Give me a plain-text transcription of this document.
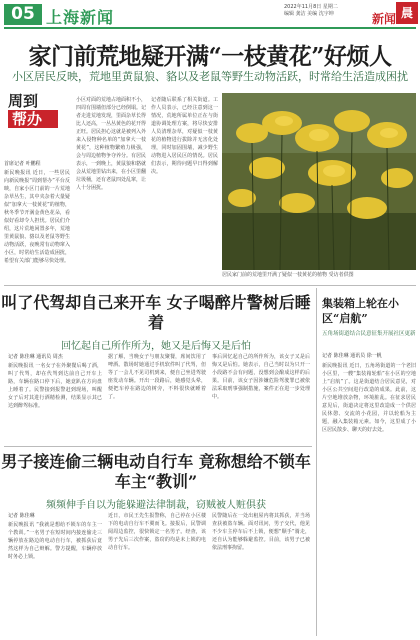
05 上海新闻
2022年11月8日 星期二
编辑 龚洁 美编 沈宇坤	新闻 晨
家门前荒地疑开满“一枝黄花”好烦人
小区居民反映，荒地里黄鼠狼、貉以及老鼠等野生动物活跃，时常给生活造成困扰
周到
帮办
首席记者 叶鹏程
新民晚报讯 近日，一些居民向新民晚报“周到帮办”平台反映，自家小区门前的一片荒地杂草丛生，其中夹杂着大量疑似“加拿大一枝黄花”的植物，秋冬季节开满金黄色花朵，看似好看却令人担忧。居民们介绍，这片荒地闲置多年，荒地里黄鼠狼、貉以及老鼠等野生动物活跃，夜晚常有动物窜入小区，时常给生活造成困扰，希望有关部门能够尽快处理。
小区对面的荒地占地面积不小，四周有围墙但部分已经倒塌。记者走进荒地发现，里面杂草长得比人还高，一丛丛黄色的花开得正旺。居民担心这就是被列入外来入侵物种名单的“加拿大一枝黄花”，这种植物繁殖力极强，会与周边植物争夺养分。有居民表示，一到晚上，黄鼠狼和貉就会从荒地里钻出来，在小区里翻垃圾桶，还有老鼠四处乱窜，让人十分困扰。
记者随后联系了相关街道。工作人员表示，已经注意到这一情况，荒地所属单位正在与街道协调处理方案，将尽快安排人员清理杂草，对疑似一枝黄花的植物进行拔除并无害化处理，同时加固围墙，减少野生动物进入居民区的情况。居民们表示，期待问题早日得到解决。
居民家门前的荒地里开满了疑似一枝黄花的植物 受访者供图
叫了代驾却自己来开车 女子喝醉片警树后睡着
回忆起自己所作所为，她又是后悔又是后怕
记者 陈佳琳 通讯员 周杰
新民晚报讯 一名女子在外聚餐后喝了酒，叫了代驾，却在代驾到达前自己开车上路，车辆在路口停下后，她竟趴在方向盘上睡着了。民警接到报警赶到现场，叫醒女子后对其进行酒精检测，结果显示其已达到醉驾标准。
据了解，当晚女子与朋友聚餐，席间饮用了啤酒。散场时她通过手机软件叫了代驾，但等了一会儿不见司机到来，便自己坐进驾驶座发动车辆。开出一段路后，她感觉头晕，便把车停在路边的树旁，不料很快就睡着了。
事后回忆起自己的所作所为，该女子又是后悔又是后怕。她表示，自己当时以为只开一小段路不会有问题，没想到会酿成这样的后果。目前，该女子因涉嫌危险驾驶罪已被依法采取刑事强制措施，案件正在进一步处理中。
男子接连偷三辆电动自行车 竟称想给不锁车车主“教训”
频频伸手自以为能躲避法律制裁，窃贼被人赃俱获
记者 陈佳琳
新民晚报讯 “我就是想给不锁车的车主一个教训。”一名男子在短时间内接连偷走三辆停放在路边的电动自行车，被抓获后竟然这样为自己辩解。警方提醒，车辆停放时务必上锁。
近日，市民王先生报警称，自己停在小区楼下的电动自行车不翼而飞。接报后，民警调阅周边监控，很快锁定一名男子。经查，该男子先后三次作案，盗窃的均是未上锁的电动自行车。
民警随后在一处出租屋内将其抓获，并当场查获被盗车辆。面对讯问，男子交代，他见不少车主停车后不上锁，便想“顺手”骑走，还自认为能够躲避监控。目前，该男子已被依法刑事拘留。
集装箱上轮在小区“启航”
五角场街道结合民意征集开展社区更新
记者 陈佳琳 通讯员 徐一帆
新民晚报讯 近日，五角场街道的一个老旧小区里，一艘“集装箱轮船”在小区的空地上“启航”了。这是街道结合居民意见，对小区公共空间进行改造的成果。此前，这片空地堆放杂物，环境脏乱。在征求居民意见后，街道决定将这里改造成一个供居民休憩、交流的小花园，并以轮船为主题，融入集装箱元素。如今，这里成了小区居民散步、聊天的好去处。
